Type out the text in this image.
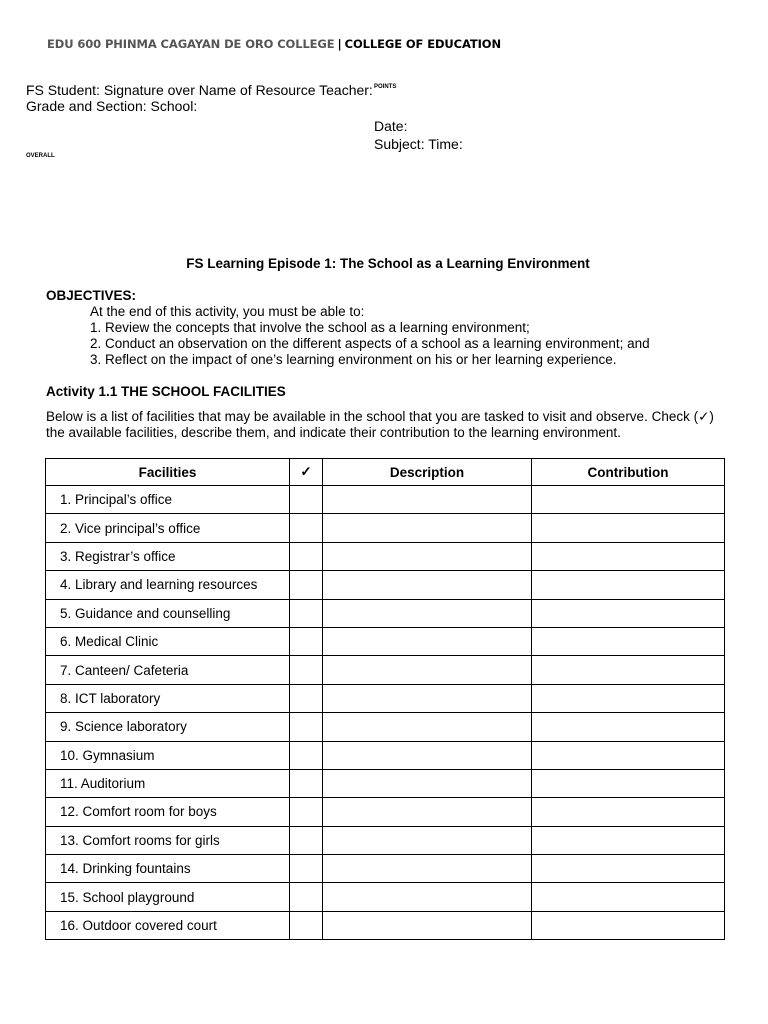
EDU 600 PHINMA CAGAYAN DE ORO COLLEGE | COLLEGE OF EDUCATION
FS Student: Signature over Name of Resource Teacher: Grade and Section: School:
POINTS
Date:
Subject: Time:
OVERALL
FS Learning Episode 1: The School as a Learning Environment
OBJECTIVES:
At the end of this activity, you must be able to:
1. Review the concepts that involve the school as a learning environment;
2. Conduct an observation on the different aspects of a school as a learning environment; and
3. Reflect on the impact of one’s learning environment on his or her learning experience.
Activity 1.1 THE SCHOOL FACILITIES
Below is a list of facilities that may be available in the school that you are tasked to visit and observe. Check (✓) the available facilities, describe them, and indicate their contribution to the learning environment.
Facilities	✓	Description	Contribution
1. Principal’s office			
2. Vice principal’s office			
3. Registrar’s office			
4. Library and learning resources			
5. Guidance and counselling			
6. Medical Clinic			
7. Canteen/ Cafeteria			
8. ICT laboratory			
9. Science laboratory			
10. Gymnasium			
11. Auditorium			
12. Comfort room for boys			
13. Comfort rooms for girls			
14. Drinking fountains			
15. School playground			
16. Outdoor covered court			
